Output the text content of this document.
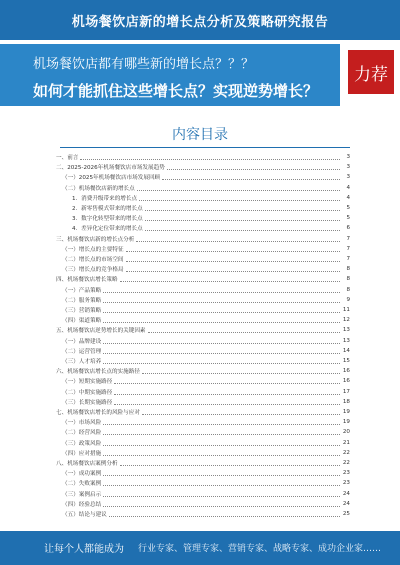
机场餐饮店新的增长点分析及策略研究报告
机场餐饮店都有哪些新的增长点？？？
如何才能抓住这些增长点？实现逆势增长？
力荐
内容目录
一、前言	3
二、2025-2026年机场餐饮店市场发展趋势	3
（一）2025年机场餐饮店市场发展回顾	3
（二）机场餐饮店新的增长点	4
1．消费升级带来的增长点	4
2．新零售模式带来的增长点	5
3．数字化转型带来的增长点	5
4．差异化定位带来的增长点	6
三、机场餐饮店新的增长点分析	7
（一）增长点的主要特征	7
（二）增长点的市场空间	7
（三）增长点的竞争格局	8
四、机场餐饮店增长策略	8
（一）产品策略	8
（二）服务策略	9
（三）营销策略	11
（四）渠道策略	12
五、机场餐饮店逆势增长的关键因素	13
（一）品牌建设	13
（二）运营管理	14
（三）人才培养	15
六、机场餐饮店增长点的实施路径	16
（一）短期实施路径	16
（二）中期实施路径	17
（三）长期实施路径	18
七、机场餐饮店增长的风险与应对	19
（一）市场风险	19
（二）经营风险	20
（三）政策风险	21
（四）应对措施	22
八、机场餐饮店案例分析	22
（一）成功案例	23
（二）失败案例	23
（三）案例启示	24
（四）经验总结	24
（五）结论与建议	25
让每个人都能成为 行业专家、管理专家、营销专家、战略专家、成功企业家……
